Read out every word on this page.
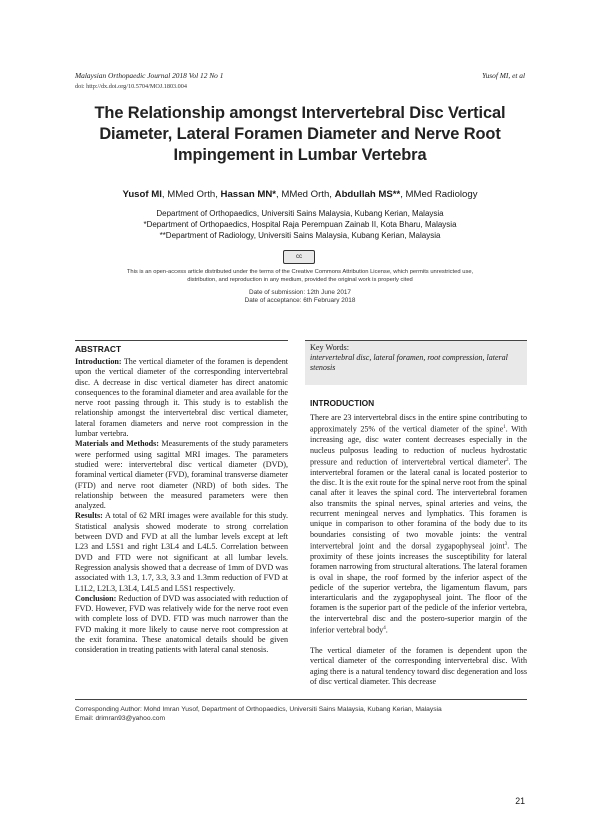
Malaysian Orthopaedic Journal 2018 Vol 12 No 1
doi: http://dx.doi.org/10.5704/MOJ.1803.004
Yusof MI, et al
The Relationship amongst Intervertebral Disc Vertical Diameter, Lateral Foramen Diameter and Nerve Root Impingement in Lumbar Vertebra
Yusof MI, MMed Orth, Hassan MN*, MMed Orth, Abdullah MS**, MMed Radiology
Department of Orthopaedics, Universiti Sains Malaysia, Kubang Kerian, Malaysia
*Department of Orthopaedics, Hospital Raja Perempuan Zainab II, Kota Bharu, Malaysia
**Department of Radiology, Universiti Sains Malaysia, Kubang Kerian, Malaysia
cc
This is an open-access article distributed under the terms of the Creative Commons Attribution License, which permits unrestricted use, distribution, and reproduction in any medium, provided the original work is properly cited
Date of submission: 12th June 2017
Date of acceptance: 6th February 2018
ABSTRACT

Introduction: The vertical diameter of the foramen is dependent upon the vertical diameter of the corresponding intervertebral disc. A decrease in disc vertical diameter has direct anatomic consequences to the foraminal diameter and area available for the nerve root passing through it. This study is to establish the relationship amongst the intervertebral disc vertical diameter, lateral foramen diameters and nerve root compression in the lumbar vertebra.

Materials and Methods: Measurements of the study parameters were performed using sagittal MRI images. The parameters studied were: intervertebral disc vertical diameter (DVD), foraminal vertical diameter (FVD), foraminal transverse diameter (FTD) and nerve root diameter (NRD) of both sides. The relationship between the measured parameters were then analyzed.

Results: A total of 62 MRI images were available for this study. Statistical analysis showed moderate to strong correlation between DVD and FVD at all the lumbar levels except at left L23 and L5S1 and right L3L4 and L4L5. Correlation between DVD and FTD were not significant at all lumbar levels. Regression analysis showed that a decrease of 1mm of DVD was associated with 1.3, 1.7, 3.3, 3.3 and 1.3mm reduction of FVD at L1L2, L2L3, L3L4, L4L5 and L5S1 respectively.

Conclusion: Reduction of DVD was associated with reduction of FVD. However, FVD was relatively wide for the nerve root even with complete loss of DVD. FTD was much narrower than the FVD making it more likely to cause nerve root compression at the exit foramina. These anatomical details should be given consideration in treating patients with lateral canal stenosis.

Key Words:
intervertebral disc, lateral foramen, root compression, lateral stenosis
INTRODUCTION

There are 23 intervertebral discs in the entire spine contributing to approximately 25% of the vertical diameter of the spine$^1$. With increasing age, disc water content decreases especially in the nucleus pulposus leading to reduction of nucleus hydrostatic pressure and reduction of intervertebral vertical diameter$^2$. The intervertebral foramen or the lateral canal is located posterior to the disc. It is the exit route for the spinal nerve root from the spinal canal after it leaves the spinal cord. The intervertebral foramen also transmits the spinal nerves, spinal arteries and veins, the recurrent meningeal nerves and lymphatics. This foramen is unique in comparison to other foramina of the body due to its boundaries consisting of two movable joints: the ventral intervertebral joint and the dorsal zygapophyseal joint$^3$. The proximity of these joints increases the susceptibility for lateral foramen narrowing from structural alterations. The lateral foramen is oval in shape, the roof formed by the inferior aspect of the pedicle of the superior vertebra, the ligamentum flavum, pars interarticularis and the zygapophyseal joint. The floor of the foramen is the superior part of the pedicle of the inferior vertebra, the intervertebral disc and the postero-superior margin of the inferior vertebral body$^4$.

The vertical diameter of the foramen is dependent upon the vertical diameter of the corresponding intervertebral disc. With aging there is a natural tendency toward disc degeneration and loss of disc vertical diameter. This decrease

Corresponding Author: Mohd Imran Yusof, Department of Orthopaedics, Universiti Sains Malaysia, Kubang Kerian, Malaysia
Email: drimran93@yahoo.com
21
